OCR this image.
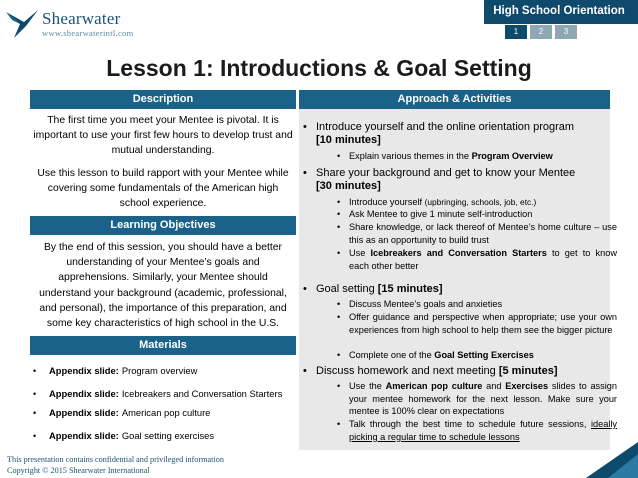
Shearwater
www.shearwaterintl.com
High School Orientation
1	2	3
Lesson 1: Introductions & Goal Setting
Description
The first time you meet your Mentee is pivotal. It is important to use your first few hours to develop trust and mutual understanding.
Use this lesson to build rapport with your Mentee while covering some fundamentals of the American high school experience.
Learning Objectives
By the end of this session, you should have a better understanding of your Mentee’s goals and apprehensions. Similarly, your Mentee should understand your background (academic, professional, and personal), the importance of this preparation, and some key characteristics of high school in the U.S.
Materials
•	Appendix slide: Program overview
•	Appendix slide: Icebreakers and Conversation Starters
•	Appendix slide: American pop culture
•	Appendix slide: Goal setting exercises
Approach & Activities
• Introduce yourself and the online orientation program
[10 minutes]
• Explain various themes in the Program Overview
• Share your background and get to know your Mentee
[30 minutes]
• Introduce yourself (upbringing, schools, job, etc.)
• Ask Mentee to give 1 minute self-introduction
• Share knowledge, or lack thereof of Mentee’s home culture – use this as an opportunity to build trust
• Use Icebreakers and Conversation Starters to get to know each other better
• Goal setting [15 minutes]
• Discuss Mentee’s goals and anxieties
• Offer guidance and perspective when appropriate; use your own experiences from high school to help them see the bigger picture
• Complete one of the Goal Setting Exercises
• Discuss homework and next meeting [5 minutes]
• Use the American pop culture and Exercises slides to assign your mentee homework for the next lesson. Make sure your mentee is 100% clear on expectations
• Talk through the best time to schedule future sessions, ideally picking a regular time to schedule lessons
This presentation contains confidential and privileged information
Copyright © 2015 Shearwater International
